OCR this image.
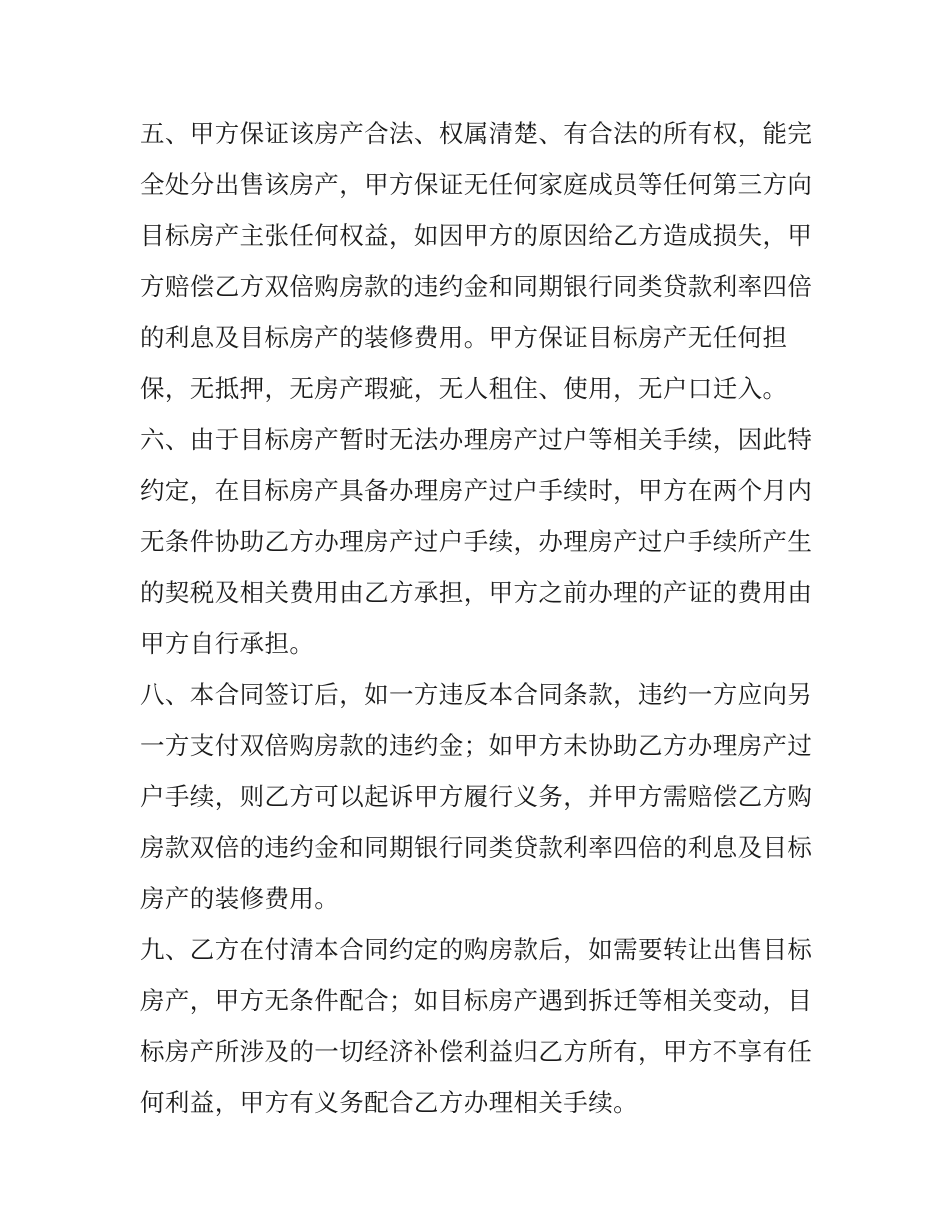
五、甲方保证该房产合法、权属清楚、有合法的所有权，能完
全处分出售该房产，甲方保证无任何家庭成员等任何第三方向
目标房产主张任何权益，如因甲方的原因给乙方造成损失，甲
方赔偿乙方双倍购房款的违约金和同期银行同类贷款利率四倍
的利息及目标房产的装修费用。甲方保证目标房产无任何担
保，无抵押，无房产瑕疵，无人租住、使用，无户口迁入。
六、由于目标房产暂时无法办理房产过户等相关手续，因此特
约定，在目标房产具备办理房产过户手续时，甲方在两个月内
无条件协助乙方办理房产过户手续，办理房产过户手续所产生
的契税及相关费用由乙方承担，甲方之前办理的产证的费用由
甲方自行承担。
八、本合同签订后，如一方违反本合同条款，违约一方应向另
一方支付双倍购房款的违约金；如甲方未协助乙方办理房产过
户手续，则乙方可以起诉甲方履行义务，并甲方需赔偿乙方购
房款双倍的违约金和同期银行同类贷款利率四倍的利息及目标
房产的装修费用。
九、乙方在付清本合同约定的购房款后，如需要转让出售目标
房产，甲方无条件配合；如目标房产遇到拆迁等相关变动，目
标房产所涉及的一切经济补偿利益归乙方所有，甲方不享有任
何利益，甲方有义务配合乙方办理相关手续。
